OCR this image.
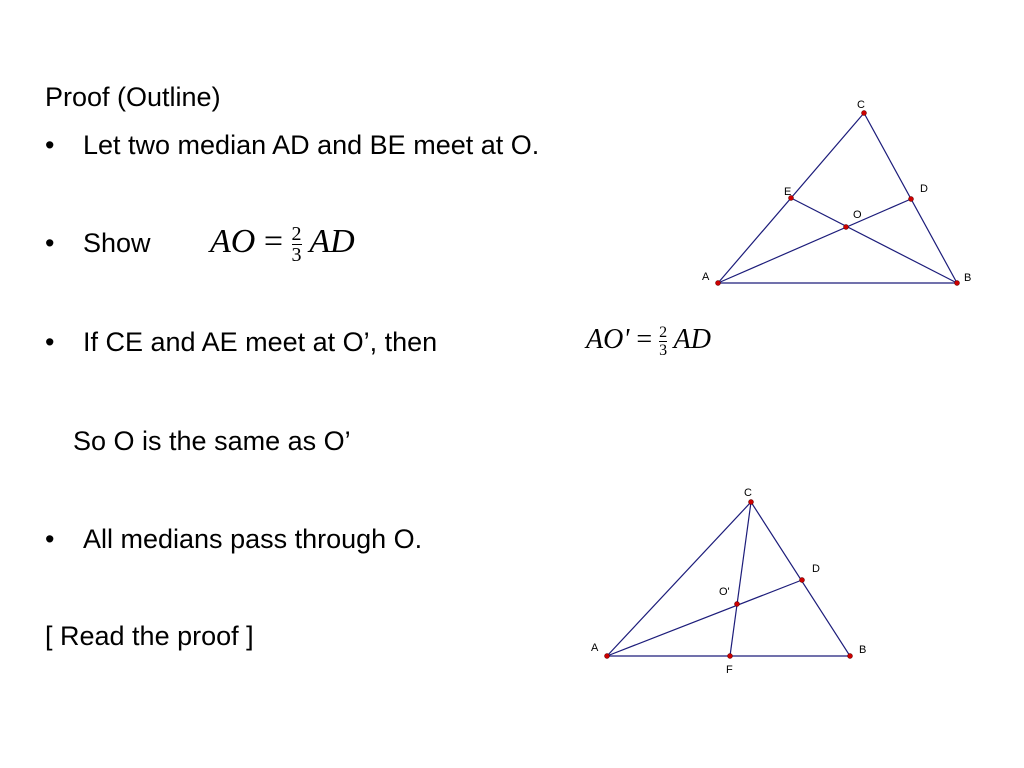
Proof (Outline)
• Let two median AD and BE meet at O.
• Show AO = $\frac{2}{3}$ AD
• If CE and AE meet at O’, then	$AO' = \frac{2}{3}$ AD
So O is the same as O’
• All medians pass through O.
[ Read the proof ]
A	B
C
D
E
O
A	B
C
D
F
O'
